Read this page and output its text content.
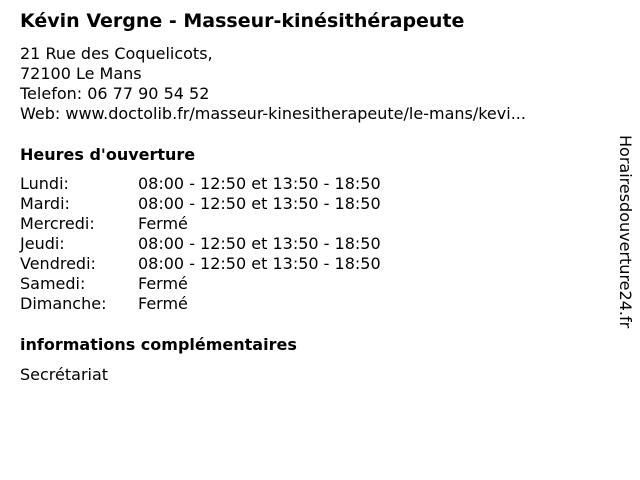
Kévin Vergne - Masseur-kinésithérapeute
21 Rue des Coquelicots,
72100 Le Mans
Telefon: 06 77 90 54 52
Web: www.doctolib.fr/masseur-kinesitherapeute/le-mans/kevi...
Heures d'ouverture
Lundi:	08:00 - 12:50 et 13:50 - 18:50
Mardi:	08:00 - 12:50 et 13:50 - 18:50
Mercredi:	Fermé
Jeudi:	08:00 - 12:50 et 13:50 - 18:50
Vendredi:	08:00 - 12:50 et 13:50 - 18:50
Samedi:	Fermé
Dimanche: Fermé
informations complémentaires
Secrétariat
Horairesdouverture24.fr
